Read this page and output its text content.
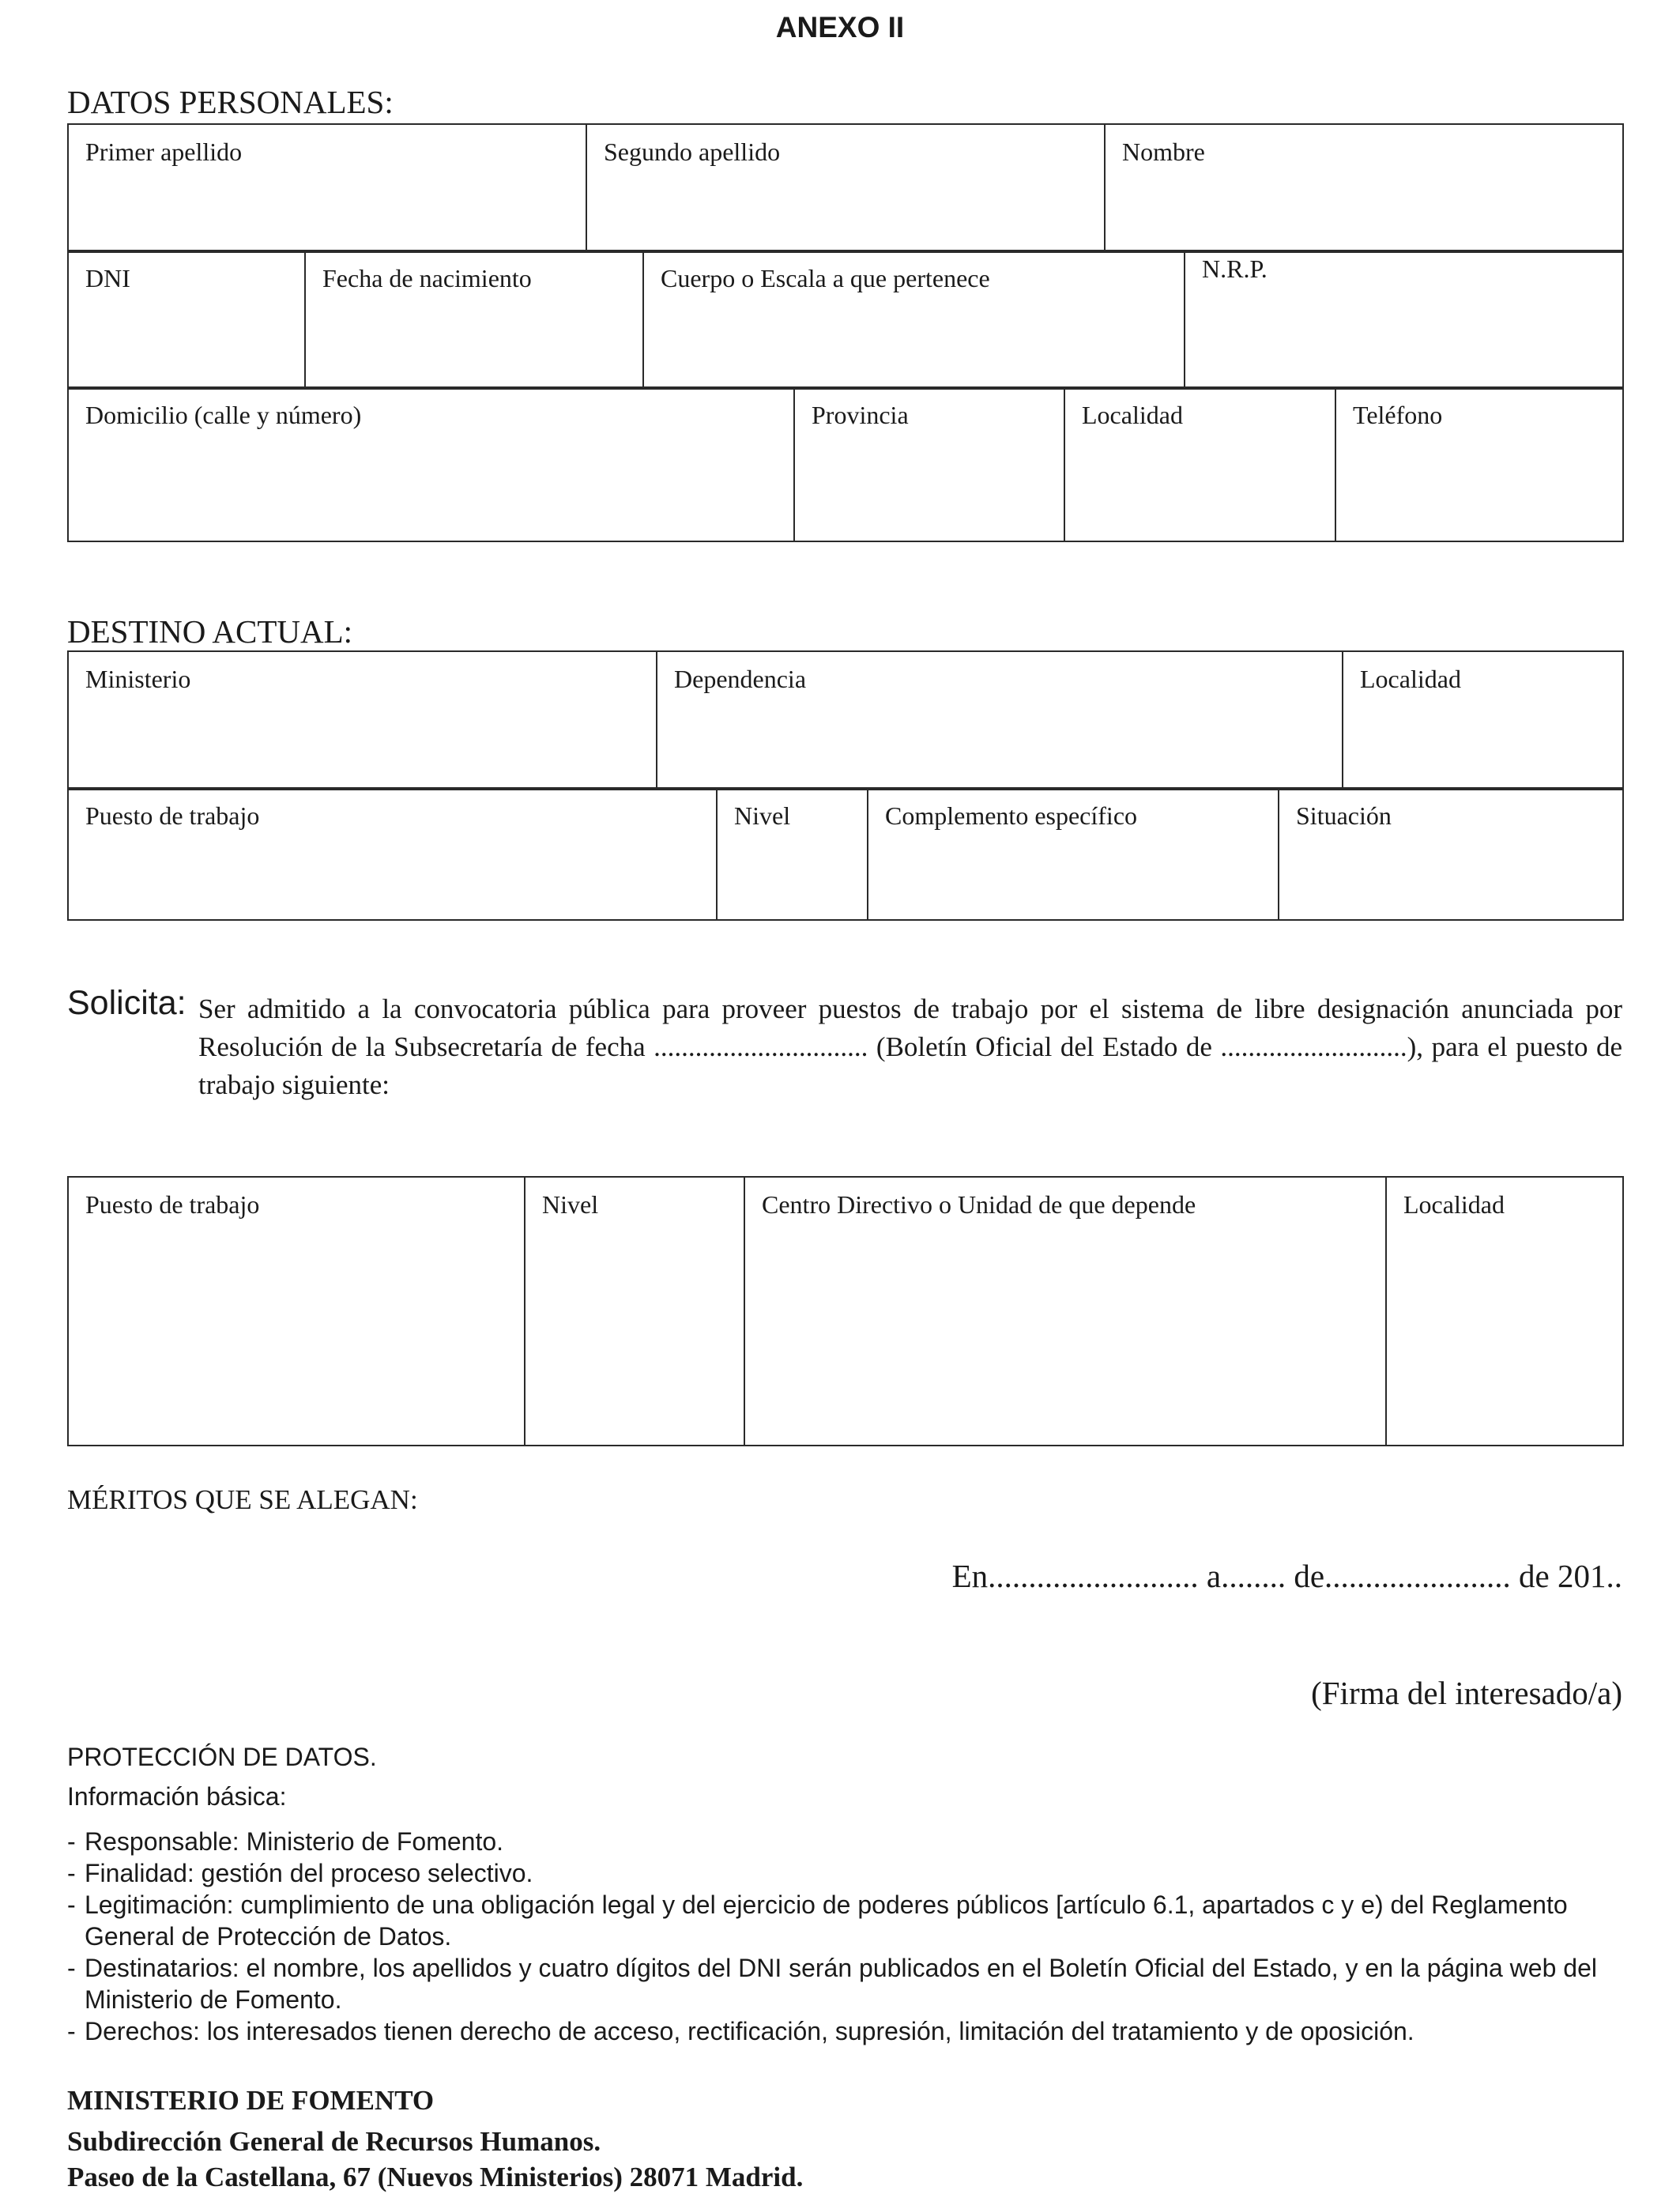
ANEXO II
DATOS PERSONALES:
Primer apellido	Segundo apellido	Nombre
DNI	Fecha de nacimiento	Cuerpo o Escala a que pertenece	N.R.P.
Domicilio (calle y número)	Provincia	Localidad	Teléfono
DESTINO ACTUAL:
Ministerio	Dependencia	Localidad
Puesto de trabajo	Nivel	Complemento específico	Situación
Solicita: Ser admitido a la convocatoria pública para proveer puestos de trabajo por el sistema de libre designación anunciada por Resolución de la Subsecretaría de fecha ............................... (Boletín Oficial del Estado de ...........................), para el puesto de trabajo siguiente:
Puesto de trabajo	Nivel	Centro Directivo o Unidad de que depende	Localidad
MÉRITOS QUE SE ALEGAN:
En.......................... a........ de....................... de 201..
(Firma del interesado/a)
PROTECCIÓN DE DATOS.
Información básica:
- Responsable: Ministerio de Fomento.
- Finalidad: gestión del proceso selectivo.
- Legitimación: cumplimiento de una obligación legal y del ejercicio de poderes públicos [artículo 6.1, apartados c y e) del Reglamento General de Protección de Datos.
- Destinatarios: el nombre, los apellidos y cuatro dígitos del DNI serán publicados en el Boletín Oficial del Estado, y en la página web del Ministerio de Fomento.
- Derechos: los interesados tienen derecho de acceso, rectificación, supresión, limitación del tratamiento y de oposición.
MINISTERIO DE FOMENTO
Subdirección General de Recursos Humanos.
Paseo de la Castellana, 67 (Nuevos Ministerios) 28071 Madrid.
